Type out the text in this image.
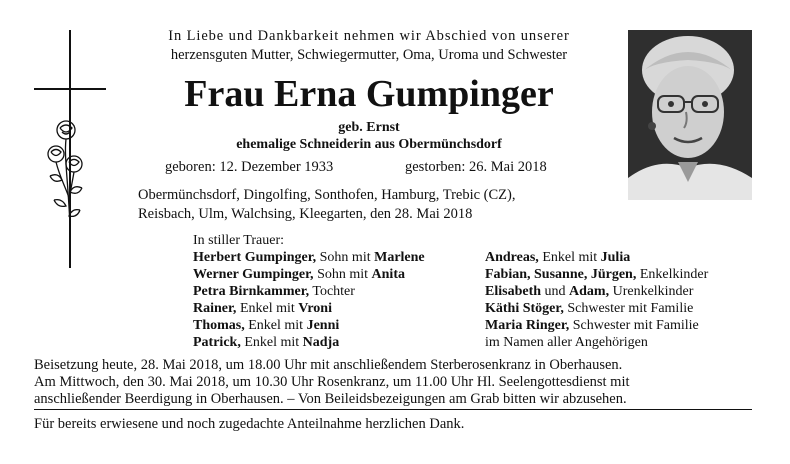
In Liebe und Dankbarkeit nehmen wir Abschied von unserer
herzensguten Mutter, Schwiegermutter, Oma, Uroma und Schwester
Frau Erna Gumpinger
geb. Ernst
ehemalige Schneiderin aus Obermünchsdorf
geboren: 12. Dezember 1933	gestorben: 26. Mai 2018
Obermünchsdorf, Dingolfing, Sonthofen, Hamburg, Trebic (CZ),
Reisbach, Ulm, Walchsing, Kleegarten, den 28. Mai 2018
In stiller Trauer:
Herbert Gumpinger, Sohn mit Marlene
Werner Gumpinger, Sohn mit Anita
Petra Birnkammer, Tochter
Rainer, Enkel mit Vroni
Thomas, Enkel mit Jenni
Patrick, Enkel mit Nadja
Andreas, Enkel mit Julia
Fabian, Susanne, Jürgen, Enkelkinder
Elisabeth und Adam, Urenkelkinder
Käthi Stöger, Schwester mit Familie
Maria Ringer, Schwester mit Familie
im Namen aller Angehörigen
Beisetzung heute, 28. Mai 2018, um 18.00 Uhr mit anschließendem Sterberosenkranz in Oberhausen.
Am Mittwoch, den 30. Mai 2018, um 10.30 Uhr Rosenkranz, um 11.00 Uhr Hl. Seelengottesdienst mit
anschließender Beerdigung in Oberhausen. – Von Beileidsbezeigungen am Grab bitten wir abzusehen.
Für bereits erwiesene und noch zugedachte Anteilnahme herzlichen Dank.
